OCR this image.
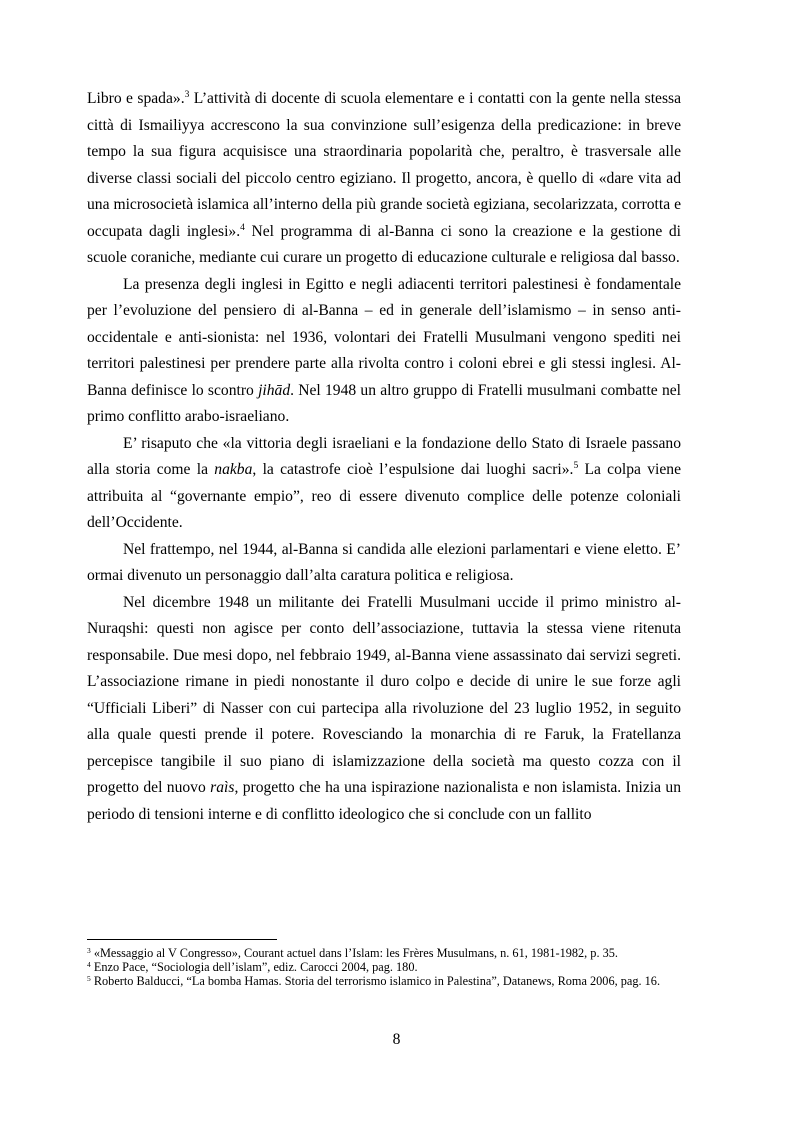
Libro e spada».$^3$ L’attività di docente di scuola elementare e i contatti con la gente nella stessa città di Ismailiyya accrescono la sua convinzione sull’esigenza della predicazione: in breve tempo la sua figura acquisisce una straordinaria popolarità che, peraltro, è trasversale alle diverse classi sociali del piccolo centro egiziano. Il progetto, ancora, è quello di «dare vita ad una microsocietà islamica all’interno della più grande società egiziana, secolarizzata, corrotta e occupata dagli inglesi».$^4$ Nel programma di al-Banna ci sono la creazione e la gestione di scuole coraniche, mediante cui curare un progetto di educazione culturale e religiosa dal basso.

La presenza degli inglesi in Egitto e negli adiacenti territori palestinesi è fondamentale per l’evoluzione del pensiero di al-Banna – ed in generale dell’islamismo – in senso anti-occidentale e anti-sionista: nel 1936, volontari dei Fratelli Musulmani vengono spediti nei territori palestinesi per prendere parte alla rivolta contro i coloni ebrei e gli stessi inglesi. Al-Banna definisce lo scontro jihād. Nel 1948 un altro gruppo di Fratelli musulmani combatte nel primo conflitto arabo-israeliano.

E’ risaputo che «la vittoria degli israeliani e la fondazione dello Stato di Israele passano alla storia come la nakba, la catastrofe cioè l’espulsione dai luoghi sacri».$^5$ La colpa viene attribuita al “governante empio”, reo di essere divenuto complice delle potenze coloniali dell’Occidente.

Nel frattempo, nel 1944, al-Banna si candida alle elezioni parlamentari e viene eletto. E’ ormai divenuto un personaggio dall’alta caratura politica e religiosa.

Nel dicembre 1948 un militante dei Fratelli Musulmani uccide il primo ministro al-Nuraqshi: questi non agisce per conto dell’associazione, tuttavia la stessa viene ritenuta responsabile. Due mesi dopo, nel febbraio 1949, al-Banna viene assassinato dai servizi segreti. L’associazione rimane in piedi nonostante il duro colpo e decide di unire le sue forze agli “Ufficiali Liberi” di Nasser con cui partecipa alla rivoluzione del 23 luglio 1952, in seguito alla quale questi prende il potere. Rovesciando la monarchia di re Faruk, la Fratellanza percepisce tangibile il suo piano di islamizzazione della società ma questo cozza con il progetto del nuovo raìs, progetto che ha una ispirazione nazionalista e non islamista. Inizia un periodo di tensioni interne e di conflitto ideologico che si conclude con un fallito

$^3$ «Messaggio al V Congresso», Courant actuel dans l’Islam: les Frères Musulmans, n. 61, 1981-1982, p. 35.

$^4$ Enzo Pace, “Sociologia dell’islam”, ediz. Carocci 2004, pag. 180.

$^5$ Roberto Balducci, “La bomba Hamas. Storia del terrorismo islamico in Palestina”, Datanews, Roma 2006, pag. 16.

8
